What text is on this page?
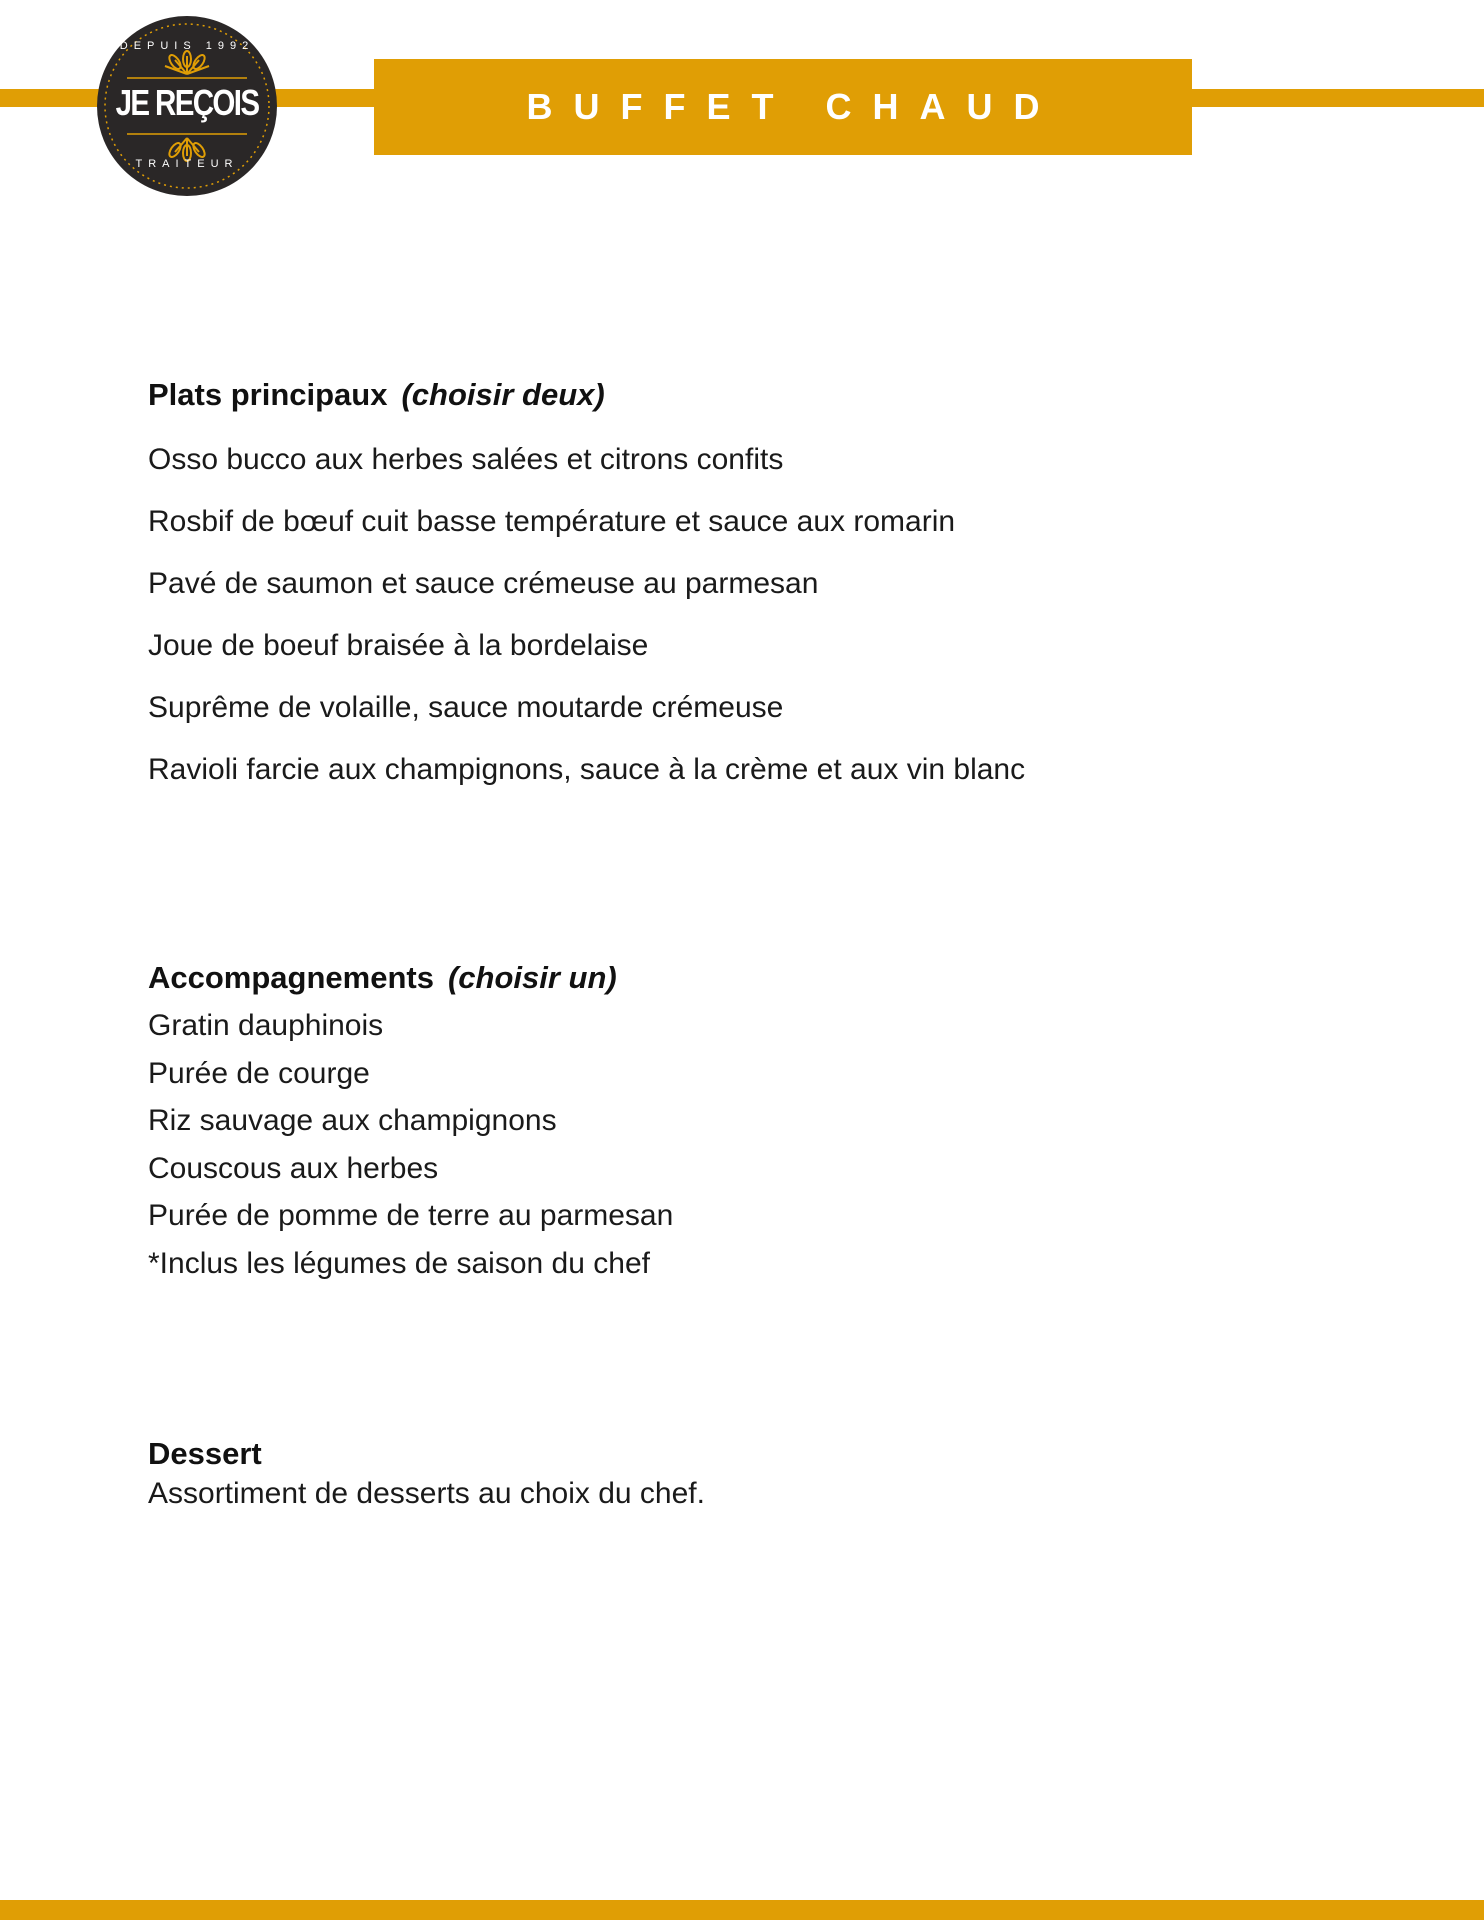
DEPUIS 1992
JE REÇOIS
TRAITEUR
BUFFET CHAUD
Plats principaux (choisir deux)
Osso bucco aux herbes salées et citrons confits
Rosbif de bœuf cuit basse température et sauce aux romarin
Pavé de saumon et sauce crémeuse au parmesan
Joue de boeuf braisée à la bordelaise
Suprême de volaille, sauce moutarde crémeuse
Ravioli farcie aux champignons, sauce à la crème et aux vin blanc
Accompagnements (choisir un)
Gratin dauphinois
Purée de courge
Riz sauvage aux champignons
Couscous aux herbes
Purée de pomme de terre au parmesan
*Inclus les légumes de saison du chef
Dessert
Assortiment de desserts au choix du chef.
